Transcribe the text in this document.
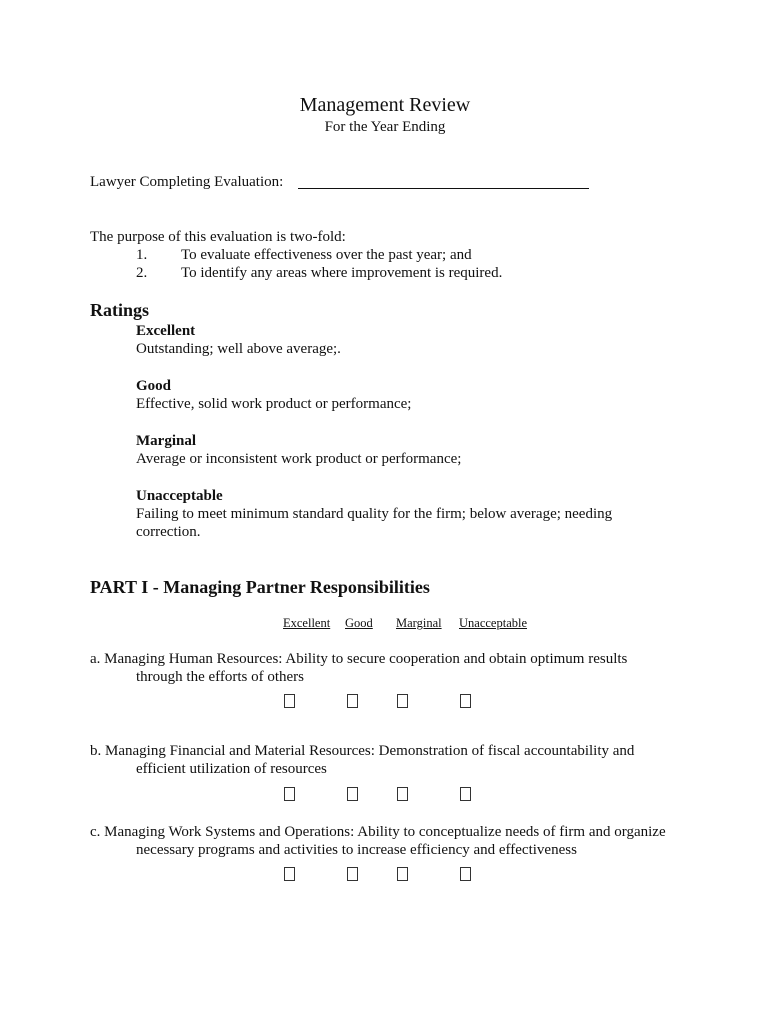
Management Review
For the Year Ending
Lawyer Completing Evaluation:
The purpose of this evaluation is two-fold:
1. To evaluate effectiveness over the past year; and
2. To identify any areas where improvement is required.
Ratings
Excellent
Outstanding; well above average;.
Good
Effective, solid work product or performance;
Marginal
Average or inconsistent work product or performance;
Unacceptable
Failing to meet minimum standard quality for the firm; below average; needing
correction.
PART I - Managing Partner Responsibilities
Excellent Good Marginal Unacceptable
a. Managing Human Resources: Ability to secure cooperation and obtain optimum results
through the efforts of others
b. Managing Financial and Material Resources: Demonstration of fiscal accountability and
efficient utilization of resources
c. Managing Work Systems and Operations: Ability to conceptualize needs of firm and organize
necessary programs and activities to increase efficiency and effectiveness
